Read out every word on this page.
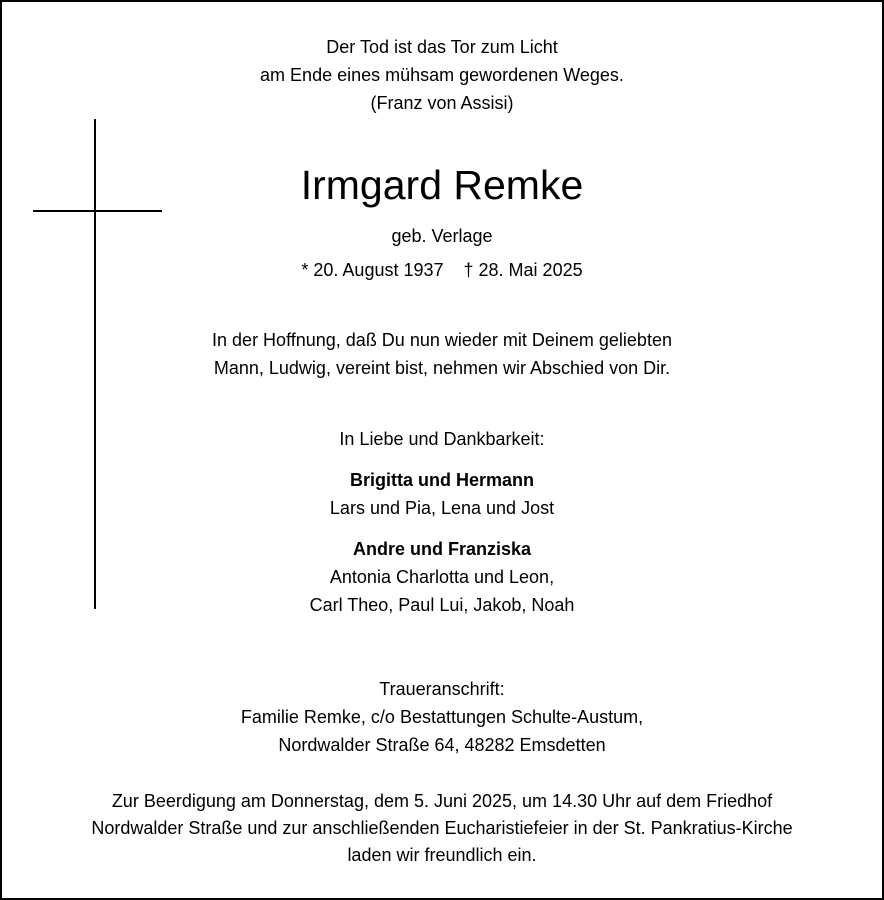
Der Tod ist das Tor zum Licht
am Ende eines mühsam gewordenen Weges.
(Franz von Assisi)
Irmgard Remke
geb. Verlage
* 20. August 1937 † 28. Mai 2025
In der Hoffnung, daß Du nun wieder mit Deinem geliebten
Mann, Ludwig, vereint bist, nehmen wir Abschied von Dir.
In Liebe und Dankbarkeit:
Brigitta und Hermann
Lars und Pia, Lena und Jost
Andre und Franziska
Antonia Charlotta und Leon,
Carl Theo, Paul Lui, Jakob, Noah
Traueranschrift:
Familie Remke, c/o Bestattungen Schulte-Austum,
Nordwalder Straße 64, 48282 Emsdetten
Zur Beerdigung am Donnerstag, dem 5. Juni 2025, um 14.30 Uhr auf dem Friedhof
Nordwalder Straße und zur anschließenden Eucharistiefeier in der St. Pankratius-Kirche
laden wir freundlich ein.
